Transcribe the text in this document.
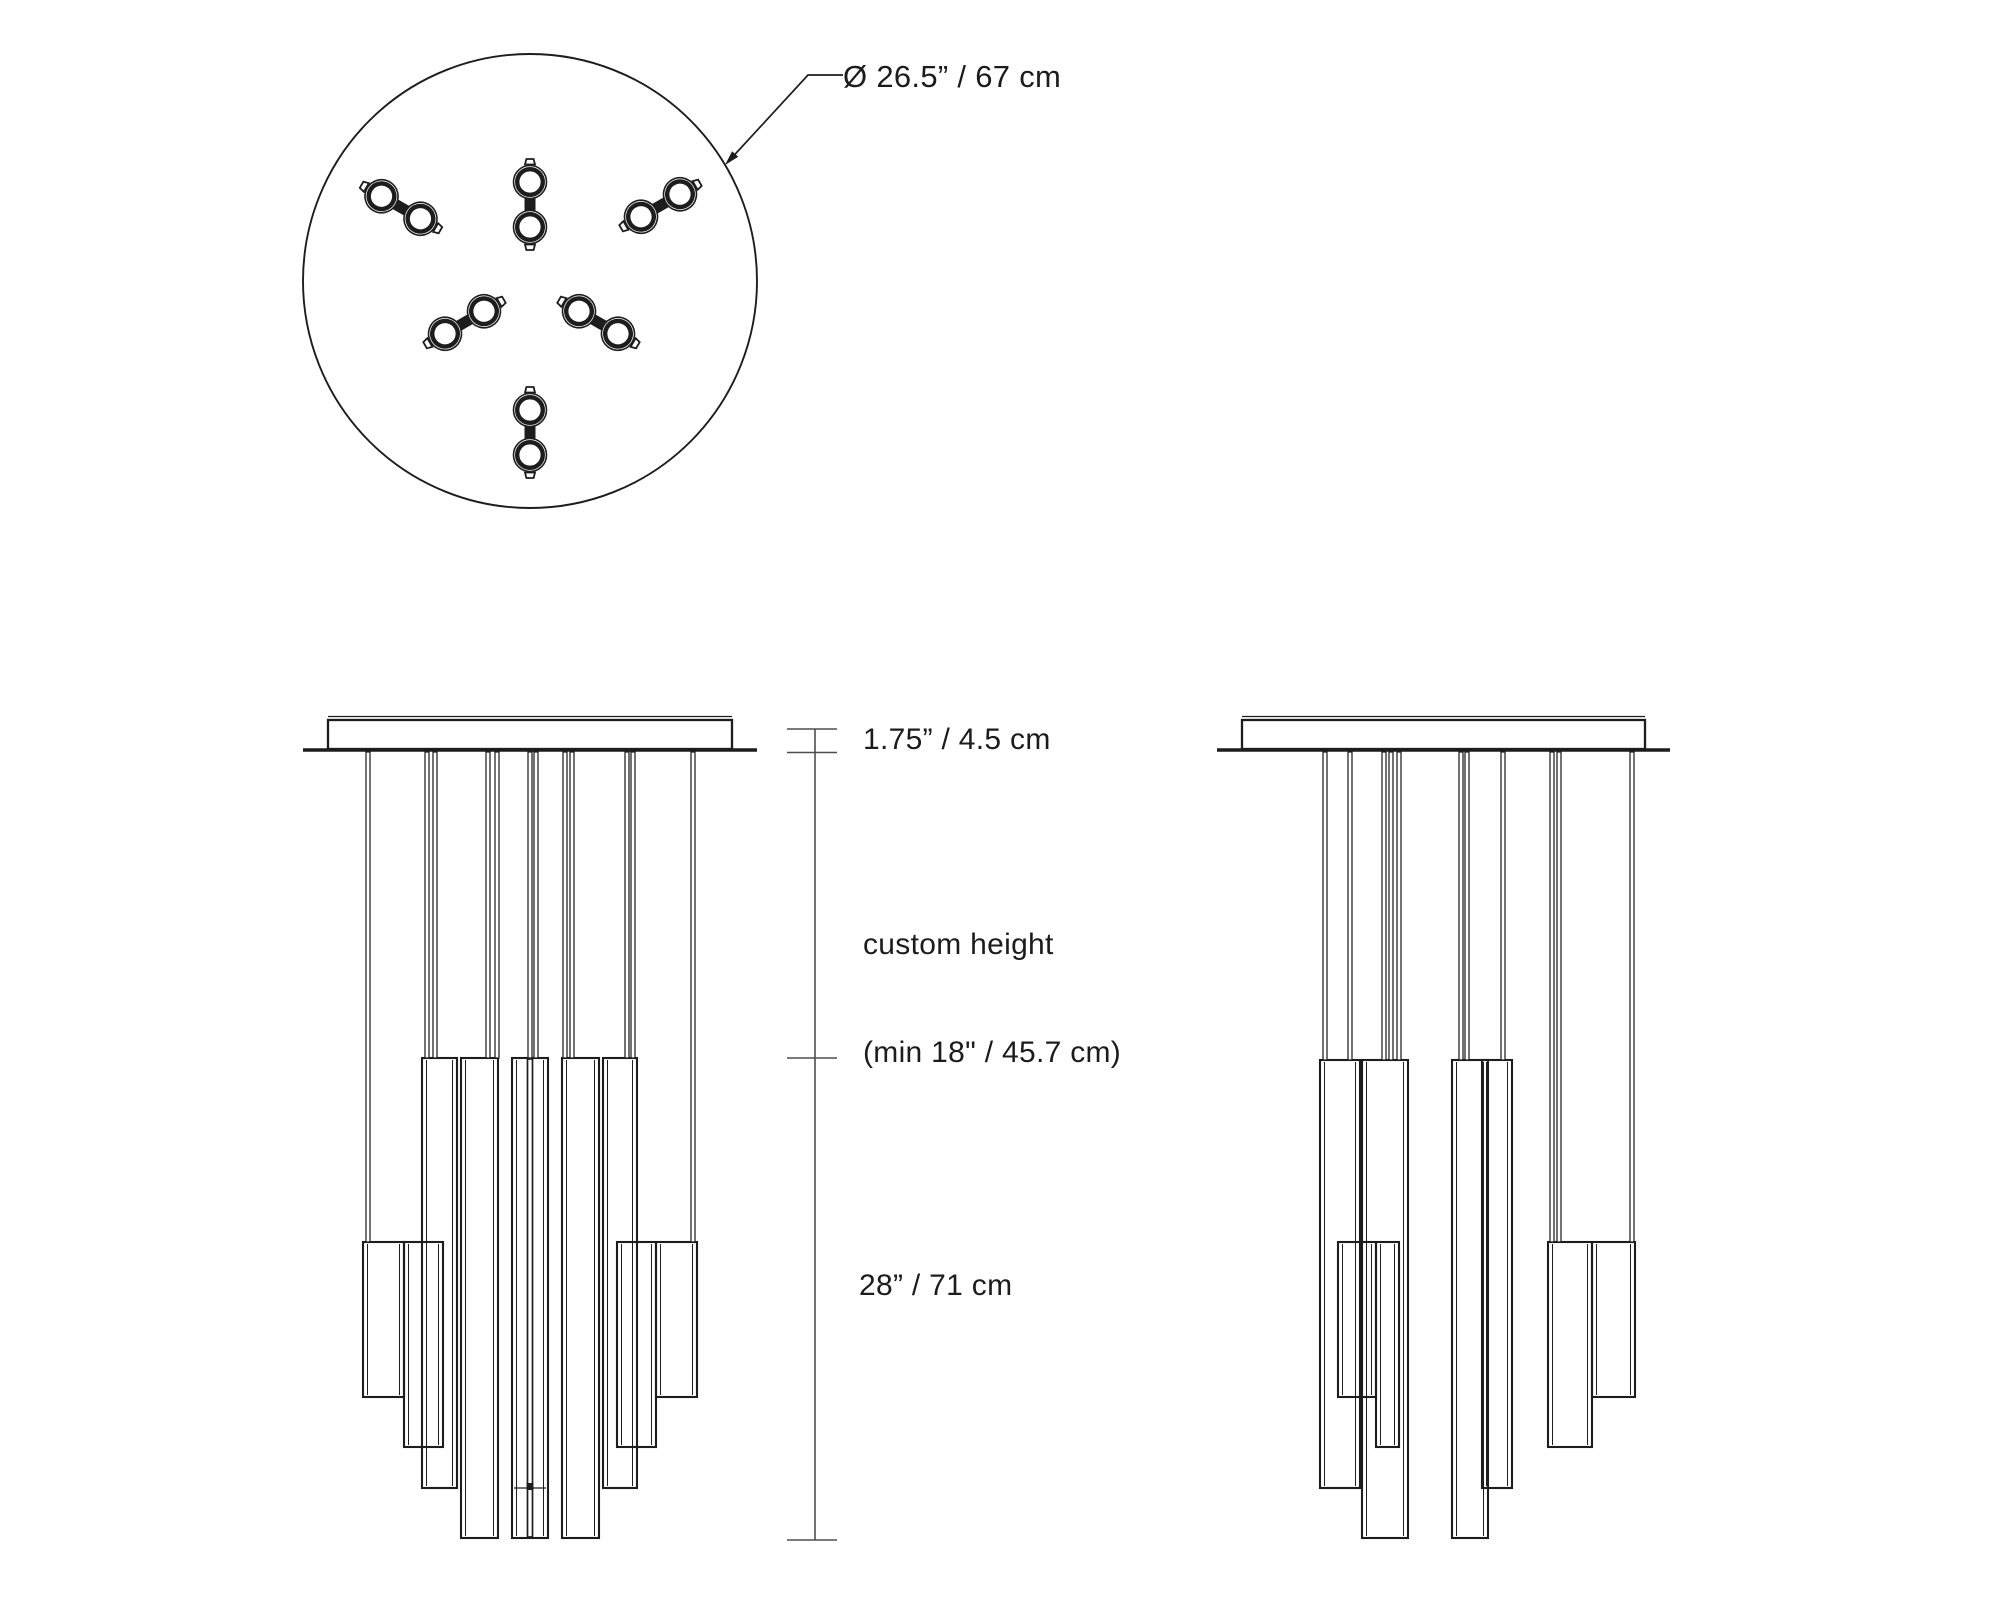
Ø 26.5” / 67 cm
1.75” / 4.5 cm

custom height

(min 18" / 45.7 cm)

28” / 71 cm
